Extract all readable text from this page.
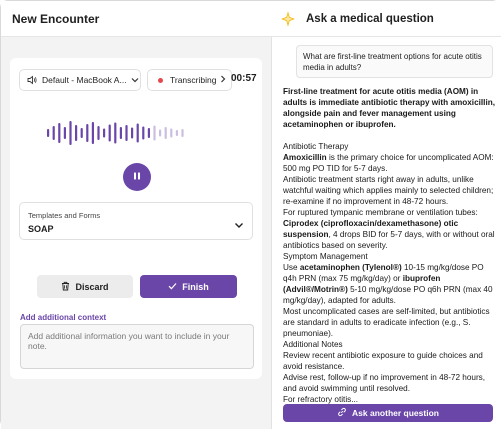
New Encounter
Default - MacBook A...	Transcribing 00:57
Templates and Forms
SOAP
Discard	Finish
Add additional context
Add additional information you want to include in your note.
Ask a medical question
What are first-line treatment options for acute otitis media in adults?

First-line treatment for acute otitis media (AOM) in adults is immediate antibiotic therapy with amoxicillin, alongside pain and fever management using acetaminophen or ibuprofen.

Antibiotic Therapy

Amoxicillin is the primary choice for uncomplicated AOM: 500 mg PO TID for 5-7 days.

Antibiotic treatment starts right away in adults, unlike watchful waiting which applies mainly to selected children; re-examine if no improvement in 48-72 hours.

For ruptured tympanic membrane or ventilation tubes:

Ciprodex (ciprofloxacin/dexamethasone) otic suspension, 4 drops BID for 5-7 days, with or without oral antibiotics based on severity.

Symptom Management

Use acetaminophen (Tylenol®) 10-15 mg/kg/dose PO q4h PRN (max 75 mg/kg/day) or ibuprofen (Advil®/Motrin®) 5-10 mg/kg/dose PO q6h PRN (max 40 mg/kg/day), adapted for adults.

Most uncomplicated cases are self-limited, but antibiotics are standard in adults to eradicate infection (e.g., S. pneumoniae).

Additional Notes

Review recent antibiotic exposure to guide choices and avoid resistance.

Advise rest, follow-up if no improvement in 48-72 hours, and avoid swimming until resolved.

For refractory otitis...

Ask another question
